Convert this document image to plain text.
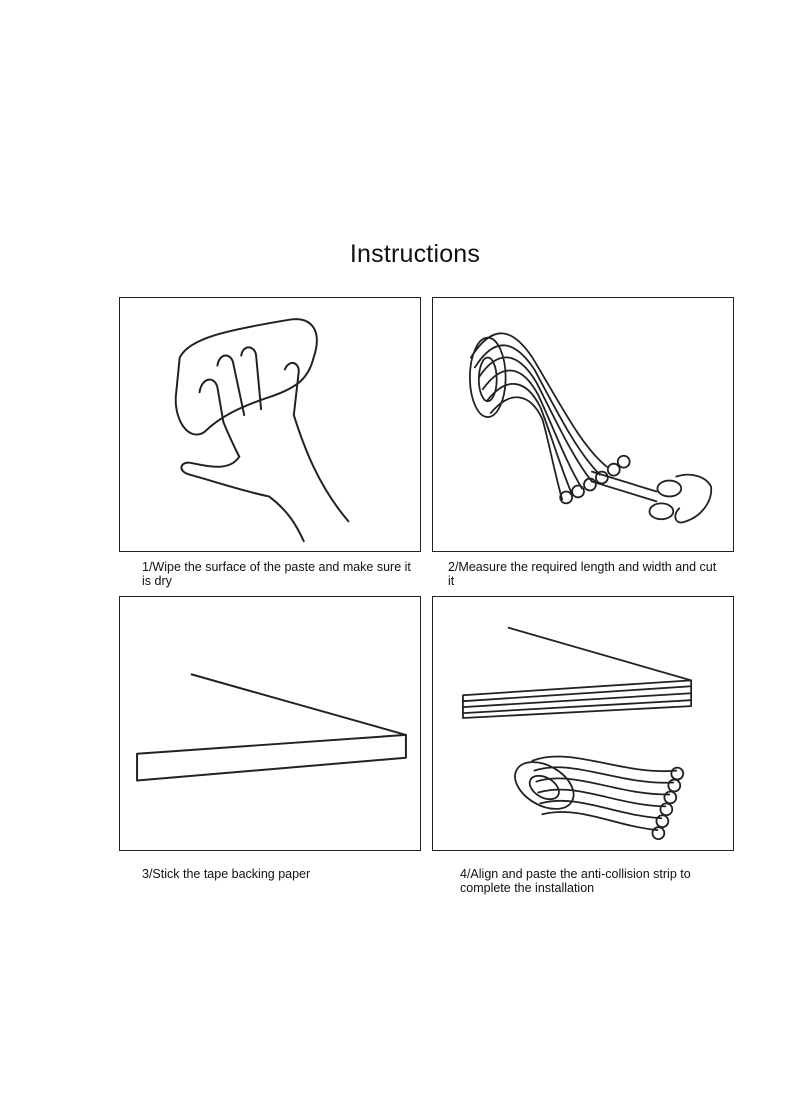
Instructions
1/Wipe the surface of the paste and make sure it is dry
2/Measure the required length and width and cut it
3/Stick the tape backing paper	4/Align and paste the anti-collision strip to complete the installation
